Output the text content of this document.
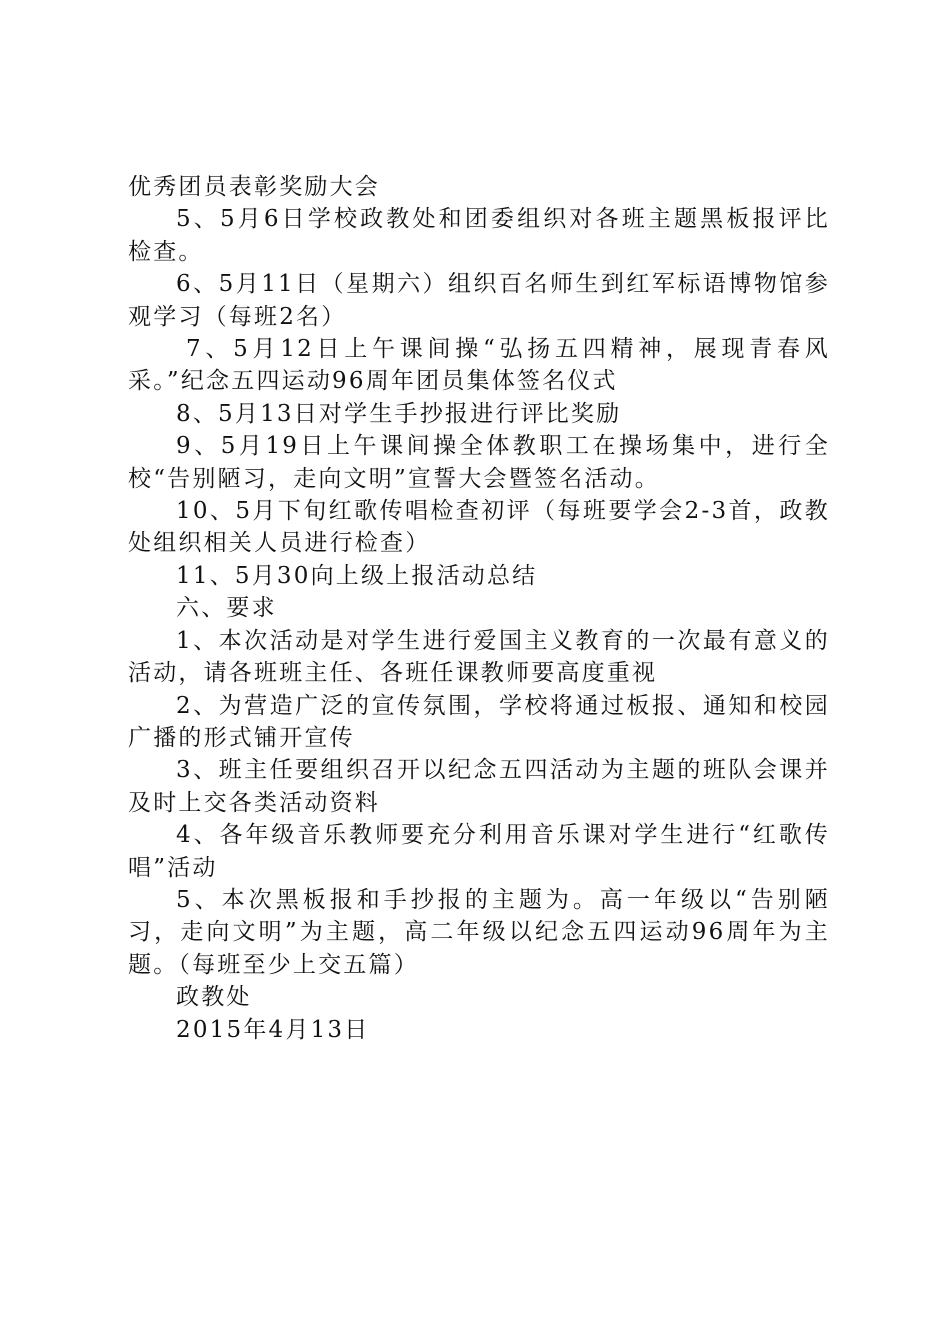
优秀团员表彰奖励大会

5、5月6日学校政教处和团委组织对各班主题黑板报评比检查。

6、5月11日（星期六）组织百名师生到红军标语博物馆参观学习（每班2名）

7、5月12日上午课间操“弘扬五四精神，展现青春风采。”纪念五四运动96周年团员集体签名仪式

8、5月13日对学生手抄报进行评比奖励

9、5月19日上午课间操全体教职工在操场集中，进行全校“告别陋习，走向文明”宣誓大会暨签名活动。

10、5月下旬红歌传唱检查初评（每班要学会2-3首，政教处组织相关人员进行检查）

11、5月30向上级上报活动总结

六、要求

1、本次活动是对学生进行爱国主义教育的一次最有意义的活动，请各班班主任、各班任课教师要高度重视

2、为营造广泛的宣传氛围，学校将通过板报、通知和校园广播的形式铺开宣传

3、班主任要组织召开以纪念五四活动为主题的班队会课并及时上交各类活动资料

4、各年级音乐教师要充分利用音乐课对学生进行“红歌传唱”活动

5、本次黑板报和手抄报的主题为。高一年级以“告别陋习，走向文明”为主题，高二年级以纪念五四运动96周年为主题。（每班至少上交五篇）

政教处

2015年4月13日
